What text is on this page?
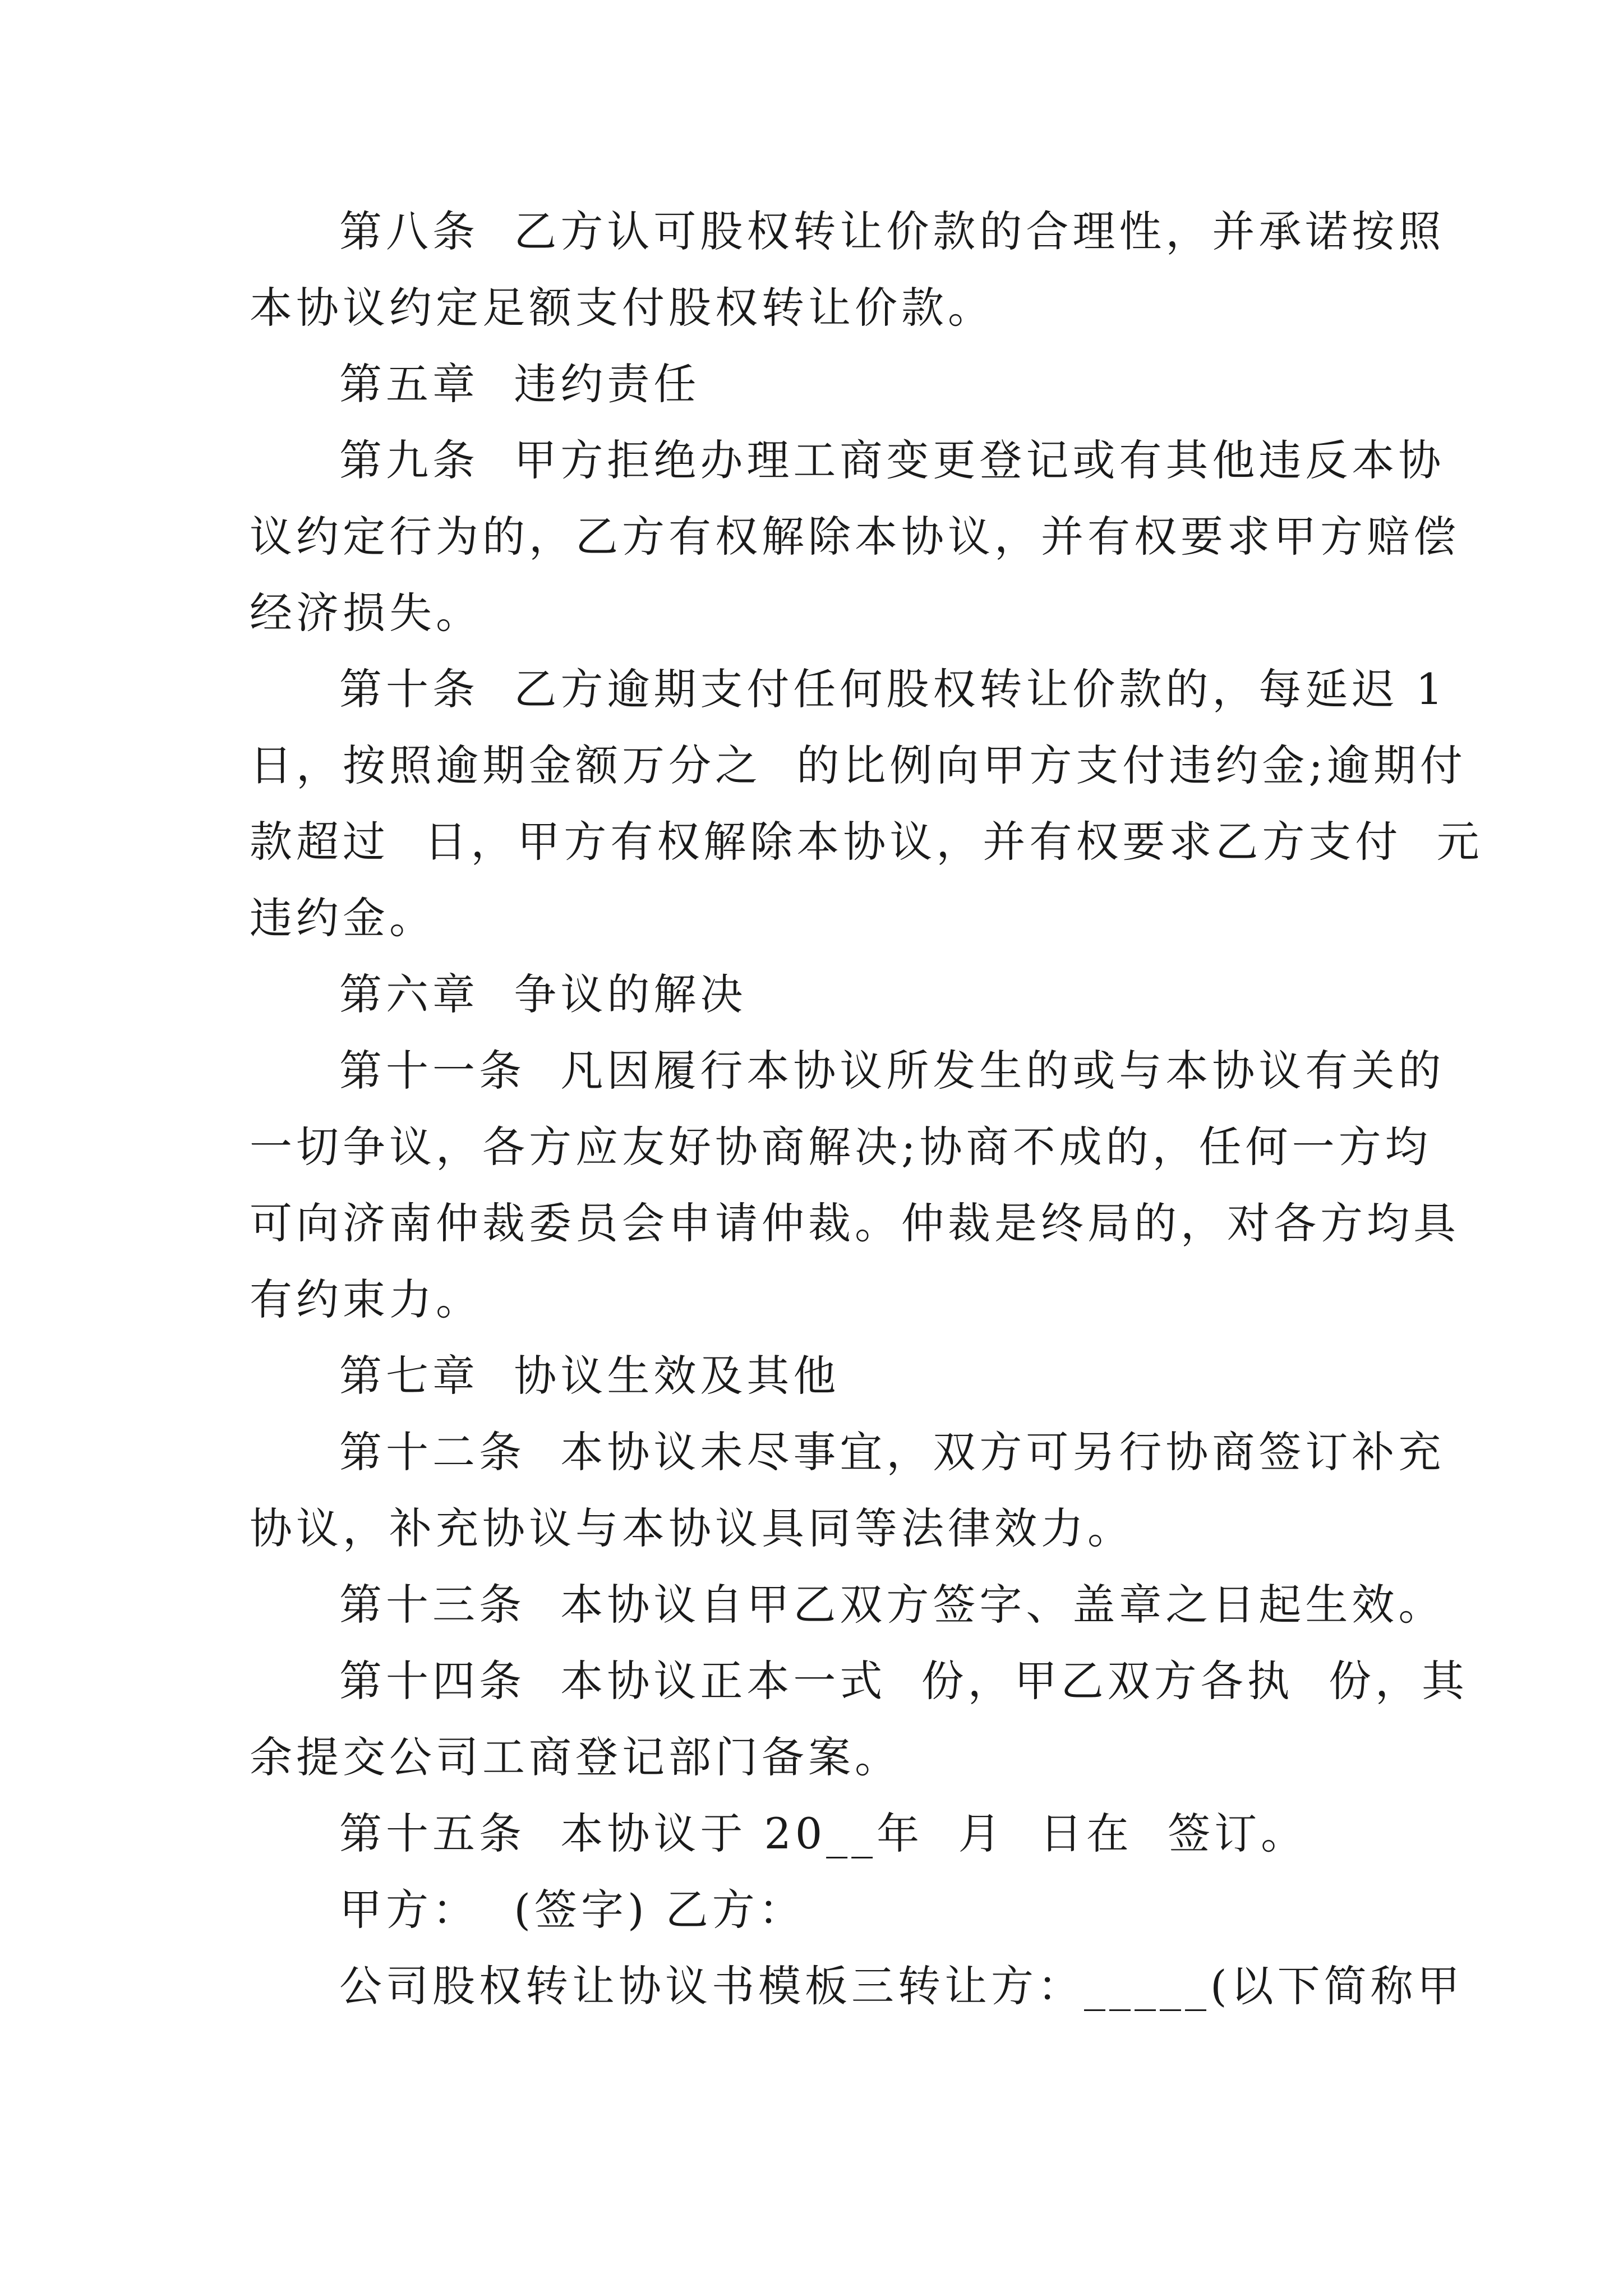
第八条  乙方认可股权转让价款的合理性，并承诺按照
本协议约定足额支付股权转让价款。
第五章  违约责任
第九条  甲方拒绝办理工商变更登记或有其他违反本协
议约定行为的，乙方有权解除本协议，并有权要求甲方赔偿
经济损失。
第十条  乙方逾期支付任何股权转让价款的，每延迟 1
日，按照逾期金额万分之  的比例向甲方支付违约金;逾期付
款超过  日，甲方有权解除本协议，并有权要求乙方支付  元
违约金。
第六章  争议的解决
第十一条  凡因履行本协议所发生的或与本协议有关的
一切争议，各方应友好协商解决;协商不成的，任何一方均
可向济南仲裁委员会申请仲裁。仲裁是终局的，对各方均具
有约束力。
第七章  协议生效及其他
第十二条  本协议未尽事宜，双方可另行协商签订补充
协议，补充协议与本协议具同等法律效力。
第十三条  本协议自甲乙双方签字、盖章之日起生效。
第十四条  本协议正本一式  份，甲乙双方各执  份，其
余提交公司工商登记部门备案。
第十五条  本协议于 20__年  月  日在  签订。
甲方：  (签字) 乙方：
公司股权转让协议书模板三转让方：_____(以下简称甲
